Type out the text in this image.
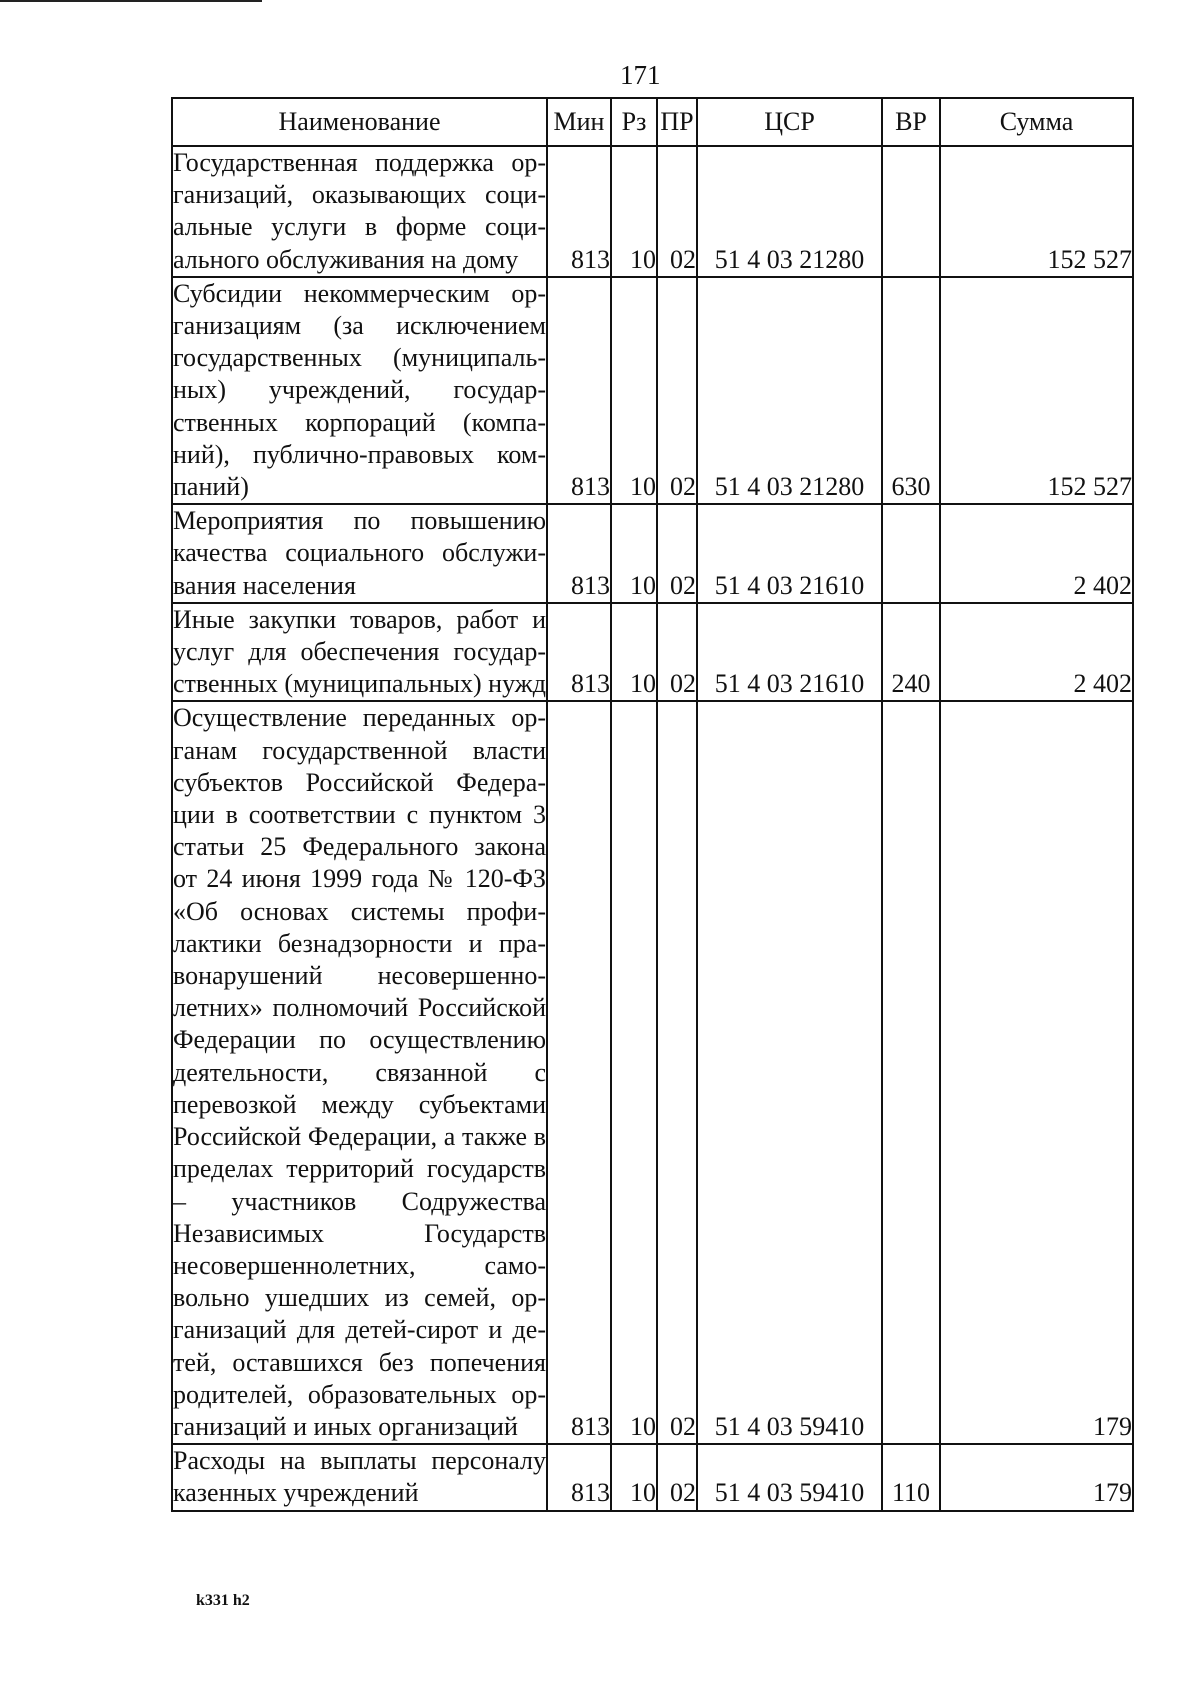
171
Наименование	Мин	Рз	ПР	ЦСР	ВР	Сумма
Государственная поддержка организаций, оказывающих социальные услуги в форме социального обслуживания на дому	813	10	02	51 4 03 21280		152 527
Субсидии некоммерческим организациям (за исключением государственных (муниципальных) учреждений, государственных корпораций (компаний), публично-правовых компаний)	813	10	02	51 4 03 21280	630	152 527
Мероприятия по повышению качества социального обслуживания населения	813	10	02	51 4 03 21610		2 402
Иные закупки товаров, работ и услуг для обеспечения государственных (муниципальных) нужд	813	10	02	51 4 03 21610	240	2 402
Осуществление переданных органам государственной власти субъектов Российской Федерации в соответствии с пунктом 3 статьи 25 Федерального закона от 24 июня 1999 года № 120-ФЗ «Об основах системы профилактики безнадзорности и правонарушений несовершеннолетних» полномочий Российской Федерации по осуществлению деятельности, связанной с перевозкой между субъектами Российской Федерации, а также в пределах территорий государств – участников Содружества Независимых Государств несовершеннолетних, самовольно ушедших из семей, организаций для детей-сирот и детей, оставшихся без попечения родителей, образовательных организаций и иных организаций	813	10	02	51 4 03 59410		179
Расходы на выплаты персоналу казенных учреждений	813	10	02	51 4 03 59410	110	179
k331 h2
